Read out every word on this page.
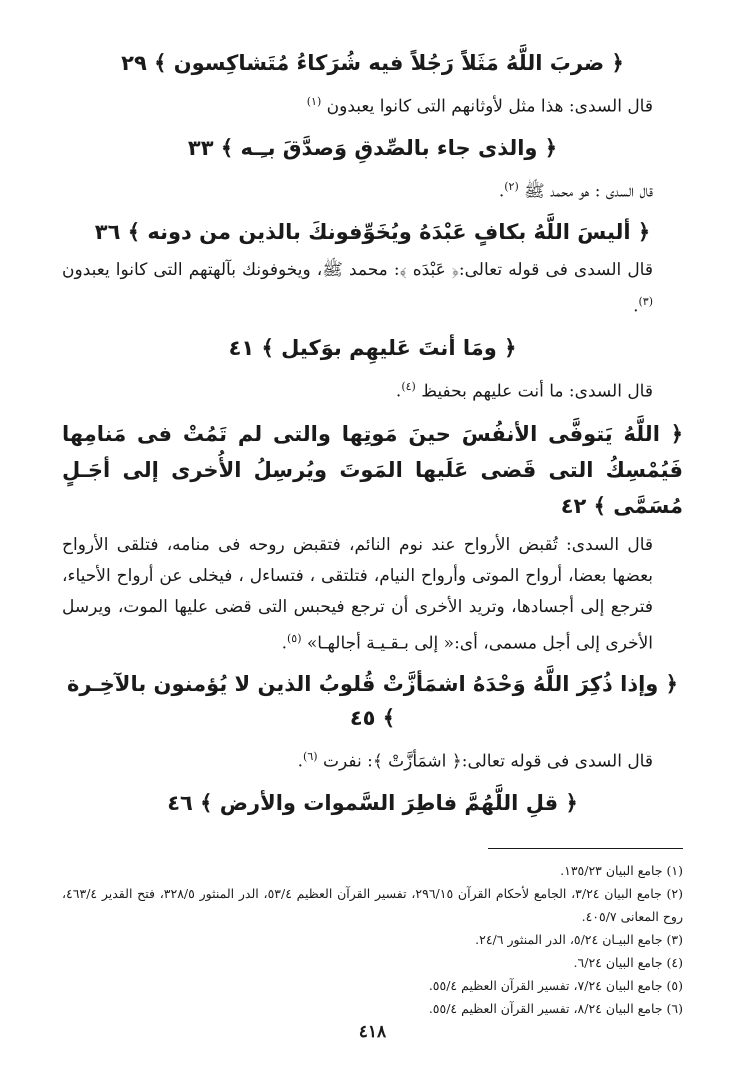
﴿ ضربَ اللَّهُ مَثَلاً رَجُلاً فيه شُرَكاءُ مُتَشاكِسون ﴾ ٢٩
قال السدى: هذا مثل لأوثانهم التى كانوا يعبدون $^{(١)}$
﴿ والذى جاء بالصِّدقِ وَصدَّقَ بـِـه ﴾ ٣٣
قال السدى : هو محمد ﷺ $^{(٢)}$.
﴿ أليسَ اللَّهُ بكافٍ عَبْدَهُ ويُخَوِّفونكَ بالذين من دونه ﴾ ٣٦
قال السدى فى قوله تعالى:﴿ عَبْدَه ﴾: محمد ﷺ، ويخوفونك بآلهتهم التى كانوا يعبدون $^{(٣)}$.
﴿ ومَا أنتَ عَليهِم بوَكيل ﴾ ٤١
قال السدى: ما أنت عليهم بحفيظ $^{(٤)}$.
﴿ اللَّهُ يَتوفَّى الأنفُسَ حينَ مَوتِها والتى لم تَمُتْ فى مَنامِها فَيُمْسِكُ التى قَضى عَلَيها المَوتَ ويُرسِلُ الأُخرى إلى أجَـلٍ مُسَمَّى ﴾ ٤٢
قال السدى: تُقبض الأرواح عند نوم النائم، فتقبض روحه فى منامه، فتلقى الأرواح بعضها بعضا، أرواح الموتى وأرواح النيام، فتلتقى ، فتساءل ، فيخلى عن أرواح الأحياء، فترجع إلى أجسادها، وتريد الأخرى أن ترجع فيحبس التى قضى عليها الموت، ويرسل الأخرى إلى أجل مسمى، أى:« إلى بـقـيـة أجالهـا» $^{(٥)}$.
﴿ وإذا ذُكِرَ اللَّهُ وَحْدَهُ اشمَأزَّتْ قُلوبُ الذين لا يُؤمنون بالآخِـرة ﴾ ٤٥
قال السدى فى قوله تعالى:﴿ اشمَأزَّتْ ﴾: نفرت $^{(٦)}$.
﴿ قلِ اللَّهُمَّ فاطِرَ السَّموات والأرض ﴾ ٤٦
(١) جامع البيان ١٣٥/٢٣.
(٢) جامع البيان ٣/٢٤، الجامع لأحكام القرآن ٢٩٦/١٥، تفسير القرآن العظيم ٥٣/٤، الدر المنثور ٣٢٨/٥، فتح القدير ٤٦٣/٤، روح المعانى ٤٠٥/٧.
(٣) جامع البيـان ٥/٢٤، الدر المنثور ٢٤/٦.
(٤) جامع البيان ٦/٢٤.
(٥) جامع البيان ٧/٢٤، تفسير القرآن العظيم ٥٥/٤.
(٦) جامع البيان ٨/٢٤، تفسير القرآن العظيم ٥٥/٤.
٤١٨
